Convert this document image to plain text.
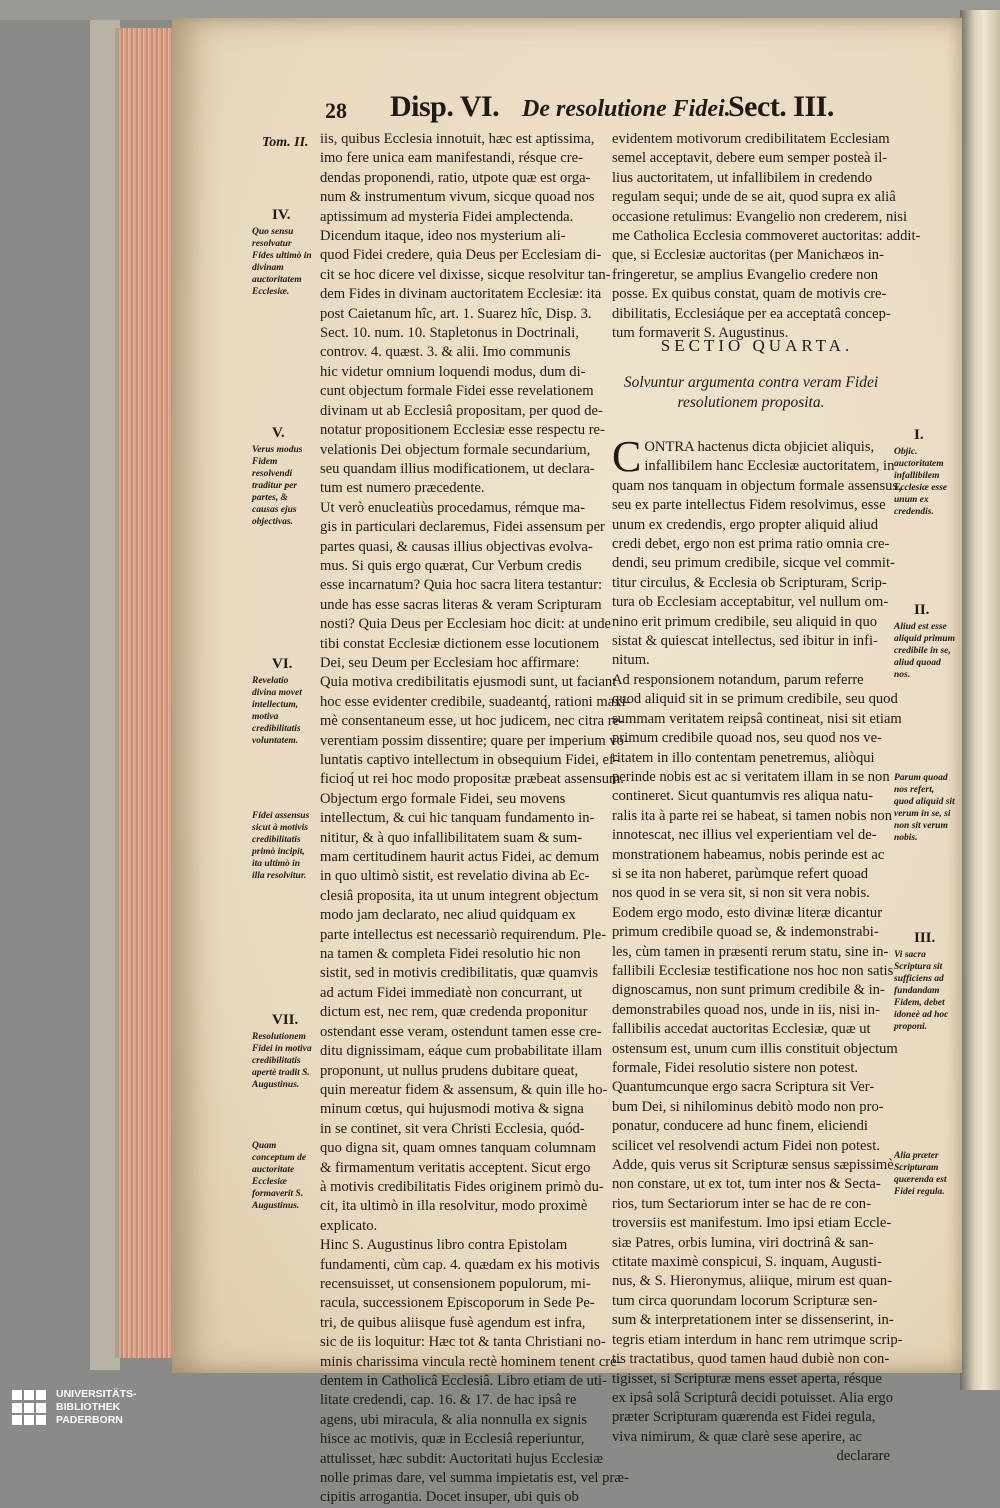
28 Disp. VI. De resolutione Fidei.
Sect. III.
Tom. II. iis, quibus Ecclesia innotuit, hæc est aptissima,
imo fere unica eam manifestandi, résque cre-
dendas proponendi, ratio, utpote quæ est orga-
num & instrumentum vivum, sicque quoad nos
aptissimum ad mysteria Fidei amplectenda.
Dicendum itaque, ideo nos mysterium ali-
quod Fidei credere, quia Deus per Ecclesiam di-
cit se hoc dicere vel dixisse, sicque resolvitur tan-
dem Fides in divinam auctoritatem Ecclesiæ: ita
post Caietanum hîc, art. 1. Suarez hîc, Disp. 3.
Sect. 10. num. 10. Stapletonus in Doctrinali,
controv. 4. quæst. 3. & alii. Imo communis
hic videtur omnium loquendi modus, dum di-
cunt objectum formale Fidei esse revelationem
divinam ut ab Ecclesiâ propositam, per quod de-
notatur propositionem Ecclesiæ esse respectu re-
velationis Dei objectum formale secundarium,
seu quandam illius modificationem, ut declara-
tum est numero præcedente.
Ut verò enucleatiùs procedamus, rémque ma-
gis in particulari declaremus, Fidei assensum per
partes quasi, & causas illius objectivas evolva-
mus. Si quis ergo quærat, Cur Verbum credis
esse incarnatum? Quia hoc sacra litera testantur:
unde has esse sacras literas & veram Scripturam
nosti? Quia Deus per Ecclesiam hoc dicit: at unde
tibi constat Ecclesiæ dictionem esse locutionem
Dei, seu Deum per Ecclesiam hoc affirmare:
Quia motiva credibilitatis ejusmodi sunt, ut faciant
hoc esse evidenter credibile, suadeantq́, rationi maxi-
mè consentaneum esse, ut hoc judicem, nec citra re-
verentiam possim dissentire; quare per imperium vo-
luntatis captivo intellectum in obsequium Fidei, ef-
ficioq́ ut rei hoc modo propositæ præbeat assensum.
Objectum ergo formale Fidei, seu movens
intellectum, & cui hic tanquam fundamento in-
nititur, & à quo infallibilitatem suam & sum-
mam certitudinem haurit actus Fidei, ac demum
in quo ultimò sistit, est revelatio divina ab Ec-
clesiâ proposita, ita ut unum integrent objectum
modo jam declarato, nec aliud quidquam ex
parte intellectus est necessariò requirendum. Ple-
na tamen & completa Fidei resolutio hic non
sistit, sed in motivis credibilitatis, quæ quamvis
ad actum Fidei immediatè non concurrant, ut
dictum est, nec rem, quæ credenda proponitur
ostendant esse veram, ostendunt tamen esse cre-
ditu dignissimam, eáque cum probabilitate illam
proponunt, ut nullus prudens dubitare queat,
quin mereatur fidem & assensum, & quin ille ho-
minum cœtus, qui hujusmodi motiva & signa
in se continet, sit vera Christi Ecclesia, quód-
quo digna sit, quam omnes tanquam columnam
& firmamentum veritatis acceptent. Sicut ergo
à motivis credibilitatis Fides originem primò du-
cit, ita ultimò in illa resolvitur, modo proximè
explicato.
Hinc S. Augustinus libro contra Epistolam
fundamenti, cùm cap. 4. quædam ex his motivis
recensuisset, ut consensionem populorum, mi-
racula, successionem Episcoporum in Sede Pe-
tri, de quibus aliisque fusè agendum est infra,
sic de iis loquitur: Hæc tot & tanta Christiani no-
minis charissima vincula rectè hominem tenent cre-
dentem in Catholicâ Ecclesiâ. Libro etiam de uti-
litate credendi, cap. 16. & 17. de hac ipsâ re
agens, ubi miracula, & alia nonnulla ex signis
hisce ac motivis, quæ in Ecclesiâ reperiuntur,
attulisset, hæc subdit: Auctoritati hujus Ecclesiæ
nolle primas dare, vel summa impietatis est, vel præ-
cipitis arrogantia. Docet insuper, ubi quis ob
evidentem motivorum credibilitatem Ecclesiam
semel acceptavit, debere eum semper posteà il-
lius auctoritatem, ut infallibilem in credendo
regulam sequi; unde de se ait, quod supra ex aliâ
occasione retulimus: Evangelio non crederem, nisi
me Catholica Ecclesia commoveret auctoritas: addit-
que, si Ecclesiæ auctoritas (per Manichæos in-
fringeretur, se amplius Evangelio credere non
posse. Ex quibus constat, quam de motivis cre-
dibilitatis, Ecclesiáque per ea acceptatâ concep-
tum formaverit S. Augustinus.
SECTIO QUARTA.
Solvuntur argumenta contra veram Fidei resolutionem proposita.
CONTRA hactenus dicta objiciet aliquis,
infallibilem hanc Ecclesiæ auctoritatem, in
quam nos tanquam in objectum formale assensus,
seu ex parte intellectus Fidem resolvimus, esse
unum ex credendis, ergo propter aliquid aliud
credi debet, ergo non est prima ratio omnia cre-
dendi, seu primum credibile, sicque vel commit-
titur circulus, & Ecclesia ob Scripturam, Scrip-
tura ob Ecclesiam acceptabitur, vel nullum om-
nino erit primum credibile, seu aliquid in quo
sistat & quiescat intellectus, sed ibitur in infi-
nitum.
Ad responsionem notandum, parum referre
quod aliquid sit in se primum credibile, seu quod
summam veritatem reipsâ contineat, nisi sit etiam
primum credibile quoad nos, seu quod nos ve-
ritatem in illo contentam penetremus, aliòqui
perinde nobis est ac si veritatem illam in se non
contineret. Sicut quantumvis res aliqua natu-
ralis ita à parte rei se habeat, si tamen nobis non
innotescat, nec illius vel experientiam vel de-
monstrationem habeamus, nobis perinde est ac
si se ita non haberet, parùmque refert quoad
nos quod in se vera sit, si non sit vera nobis.
Eodem ergo modo, esto divinæ literæ dicantur
primum credibile quoad se, & indemonstrabi-
les, cùm tamen in præsenti rerum statu, sine in-
fallibili Ecclesiæ testificatione nos hoc non satis
dignoscamus, non sunt primum credibile & in-
demonstrabiles quoad nos, unde in iis, nisi in-
fallibilis accedat auctoritas Ecclesiæ, quæ ut
ostensum est, unum cum illis constituit objectum
formale, Fidei resolutio sistere non potest.
Quantumcunque ergo sacra Scriptura sit Ver-
bum Dei, si nihilominus debitò modo non pro-
ponatur, conducere ad hunc finem, eliciendi
scilicet vel resolvendi actum Fidei non potest.
Adde, quis verus sit Scripturæ sensus sæpissimè
non constare, ut ex tot, tum inter nos & Secta-
rios, tum Sectariorum inter se hac de re con-
troversiis est manifestum. Imo ipsi etiam Eccle-
siæ Patres, orbis lumina, viri doctrinâ & san-
ctitate maximè conspicui, S. inquam, Augusti-
nus, & S. Hieronymus, aliique, mirum est quan-
tum circa quorundam locorum Scripturæ sen-
sum & interpretationem inter se dissenserint, in-
tegris etiam interdum in hanc rem utrimque scrip-
tis tractatibus, quod tamen haud dubiè non con-
tigisset, si Scripturæ mens esset aperta, résque
ex ipsâ solâ Scripturâ decidi potuisset. Alia ergo
præter Scripturam quærenda est Fidei regula,
viva nimirum, & quæ clarè sese aperire, ac
declarare
IV.
Quo sensu resolvatur Fides ultimò in divinam auctoritatem Ecclesiæ.
V.
Verus modus Fidem resolvendi traditur per partes, & causas ejus objectivas.
VI.
Revelatio divina movet intellectum, motiva credibilitatis voluntatem.
Fidei assensus sicut à motivis credibilitatis primò incipit, ita ultimò in illa resolvitur.
VII.
Resolutionem Fidei in motiva credibilitatis apertè tradit S. Augustinus.
Quam conceptum de auctoritate Ecclesiæ formaverit S. Augustinus.
I.
Objic. auctoritatem infallibilem Ecclesiæ esse unum ex credendis.
II.
Aliud est esse aliquid primum credibile in se, aliud quoad nos.
Parum quoad nos refert, quod aliquid sit verum in se, si non sit verum nobis.
III.
Vi sacra Scriptura sit sufficiens ad fundandam Fidem, debet idoneè ad hoc proponi.
Alia præter Scripturam quærenda est Fidei regula.
UNIVERSITÄTS-
BIBLIOTHEK
PADERBORN
